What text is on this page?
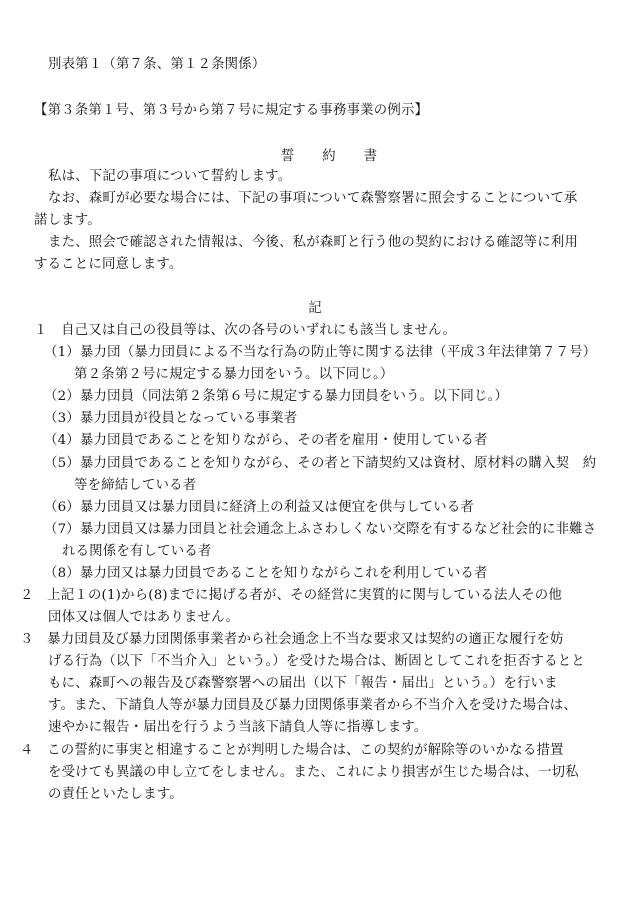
別表第１（第７条、第１２条関係）
【第３条第１号、第３号から第７号に規定する事務事業の例示】
誓約書
私は、下記の事項について誓約します。
なお、森町が必要な場合には、下記の事項について森警察署に照会することについて承
諾します。
また、照会で確認された情報は、今後、私が森町と行う他の契約における確認等に利用
することに同意します。
記
１　自己又は自己の役員等は、次の各号のいずれにも該当しません。
（1）暴力団（暴力団員による不当な行為の防止等に関する法律（平成３年法律第７７号）
第２条第２号に規定する暴力団をいう。以下同じ。）
（2）暴力団員（同法第２条第６号に規定する暴力団員をいう。以下同じ。）
（3）暴力団員が役員となっている事業者
（4）暴力団員であることを知りながら、その者を雇用・使用している者
（5）暴力団員であることを知りながら、その者と下請契約又は資材、原材料の購入契　約
等を締結している者
（6）暴力団員又は暴力団員に経済上の利益又は便宜を供与している者
（7）暴力団員又は暴力団員と社会通念上ふさわしくない交際を有するなど社会的に非難さ
れる関係を有している者
（8）暴力団又は暴力団員であることを知りながらこれを利用している者
２　上記１の(1)から(8)までに掲げる者が、その経営に実質的に関与している法人その他
団体又は個人ではありません。
３　暴力団員及び暴力団関係事業者から社会通念上不当な要求又は契約の適正な履行を妨
げる行為（以下「不当介入」という。）を受けた場合は、断固としてこれを拒否するとと
もに、森町への報告及び森警察署への届出（以下「報告・届出」という。）を行いま
す。また、下請負人等が暴力団員及び暴力団関係事業者から不当介入を受けた場合は、
速やかに報告・届出を行うよう当該下請負人等に指導します。
４　この誓約に事実と相違することが判明した場合は、この契約が解除等のいかなる措置
を受けても異議の申し立てをしません。また、これにより損害が生じた場合は、一切私
の責任といたします。
